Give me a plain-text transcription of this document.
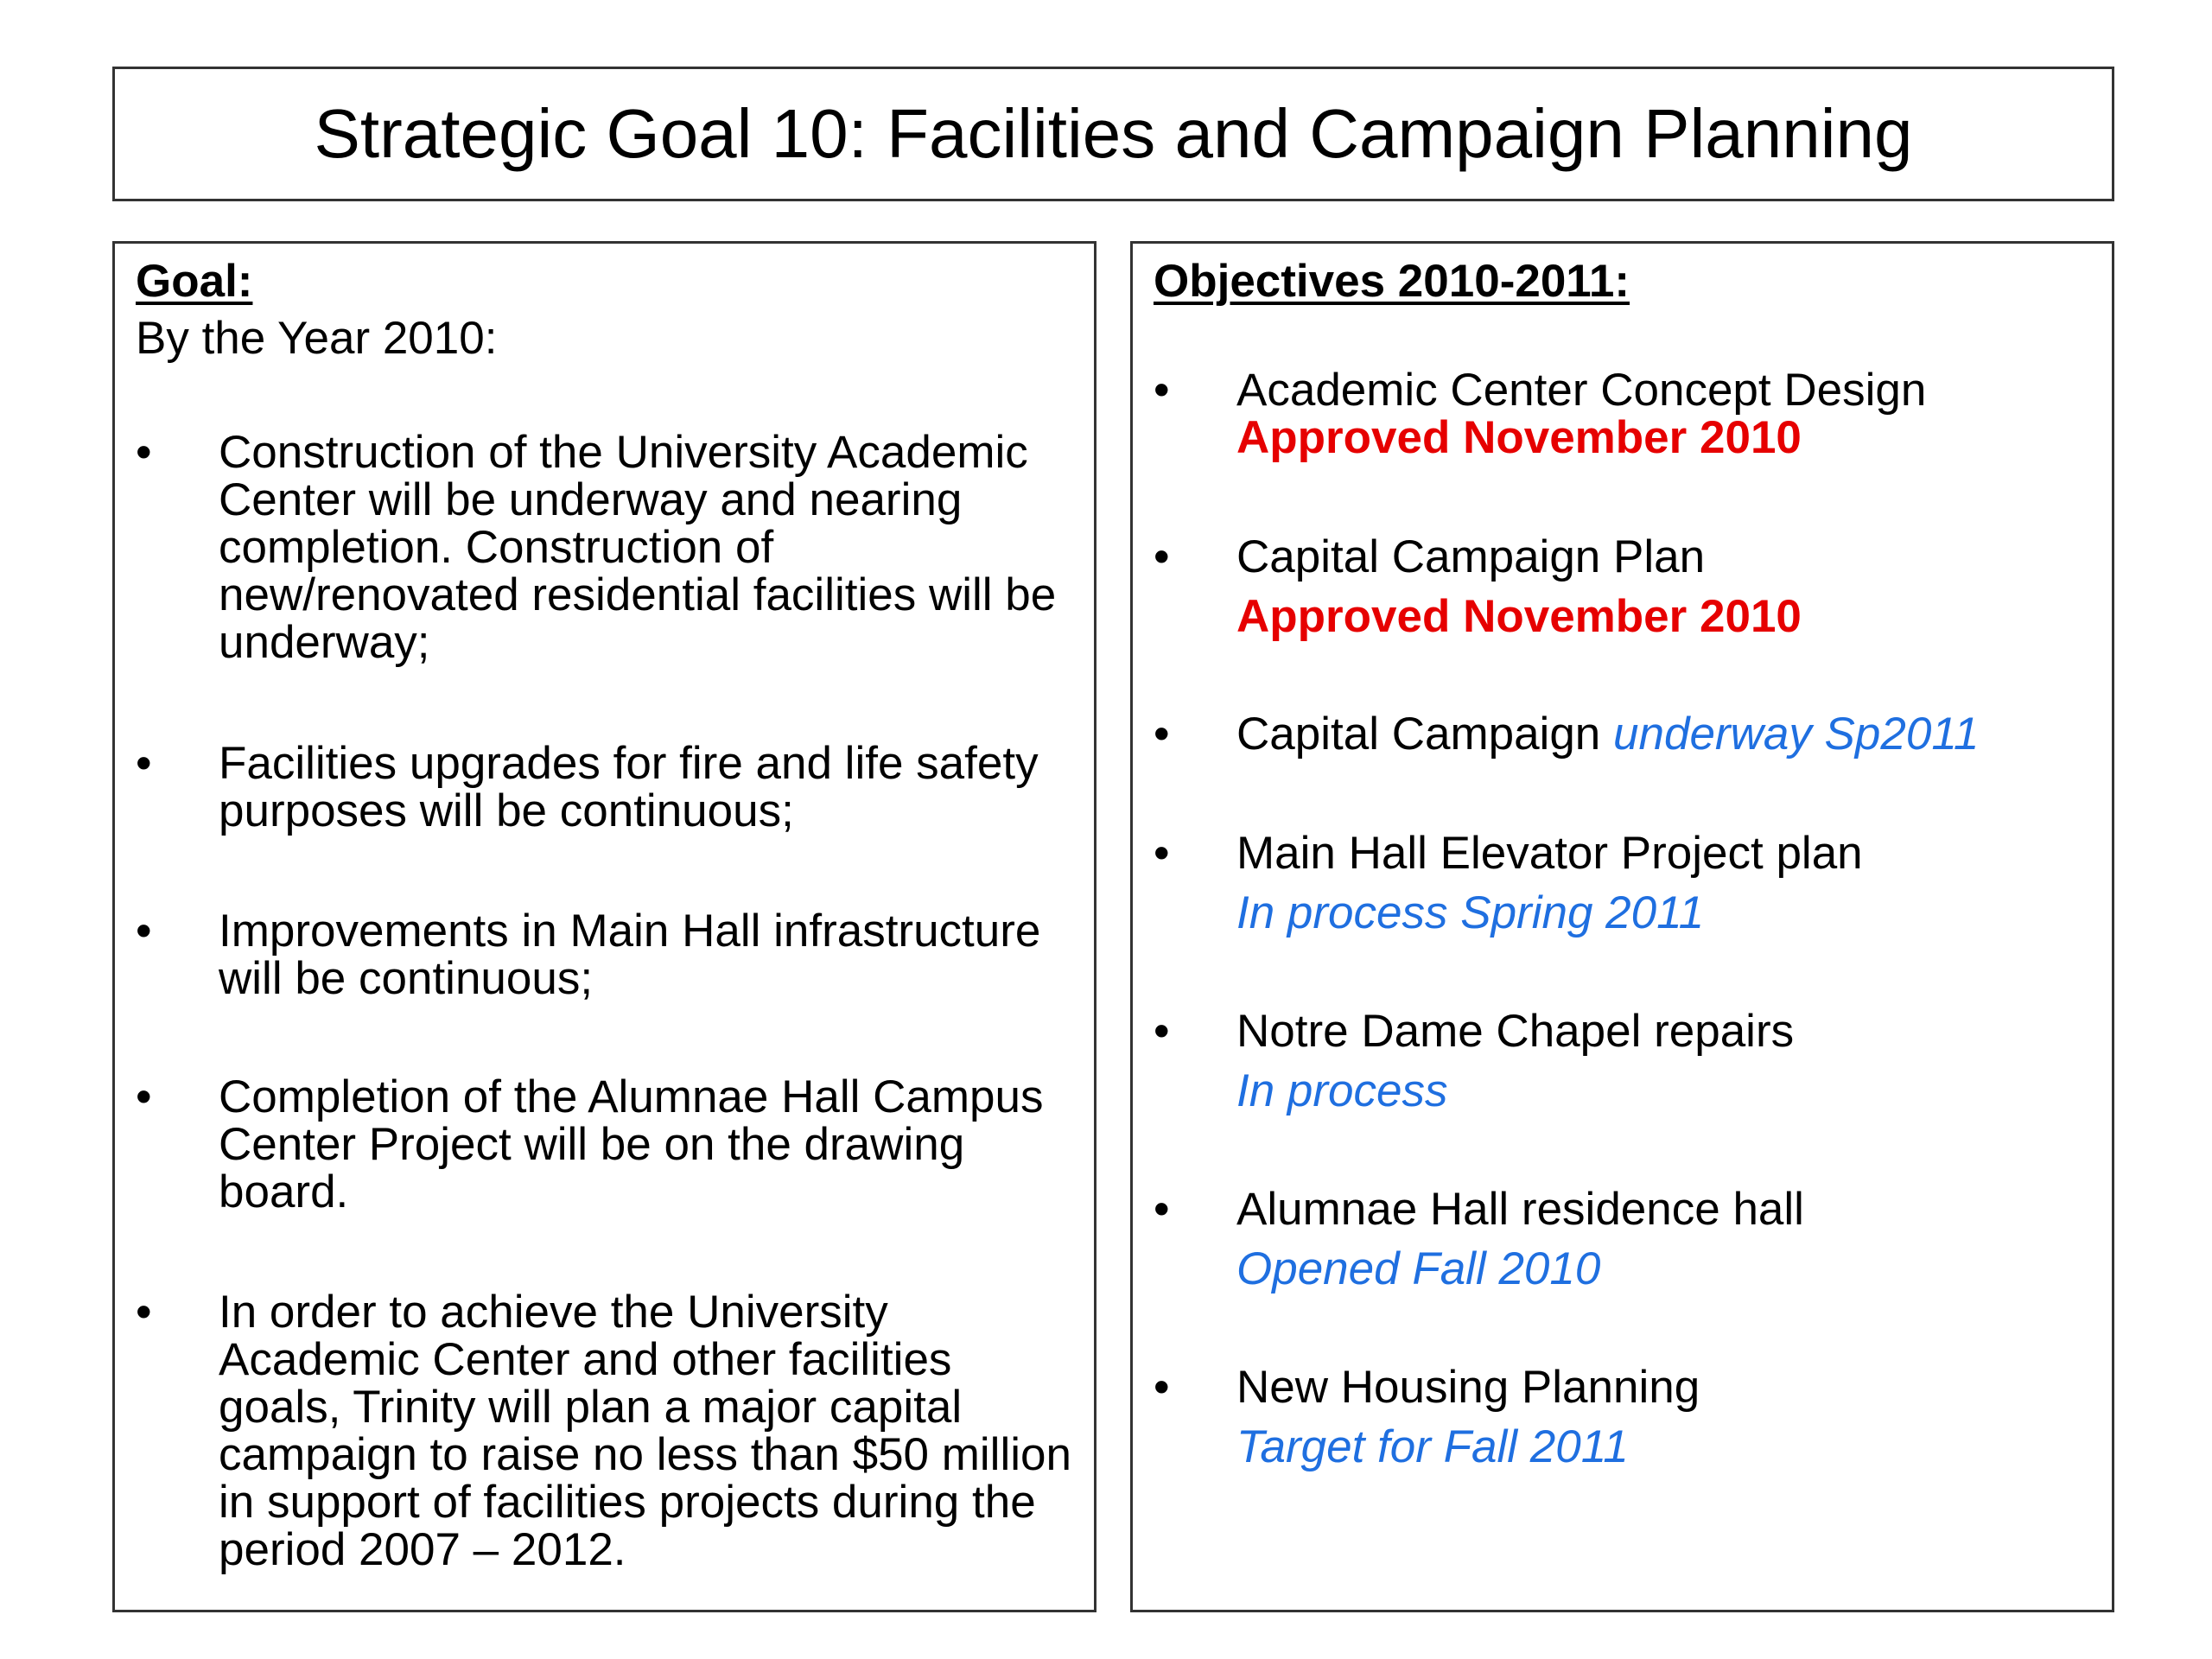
Strategic Goal 10: Facilities and Campaign Planning
Goal:
By the Year 2010:
• Construction of the University Academic Center will be underway and nearing completion. Construction of new/renovated residential facilities will be underway;
• Facilities upgrades for fire and life safety purposes will be continuous;
• Improvements in Main Hall infrastructure will be continuous;
• Completion of the Alumnae Hall Campus Center Project will be on the drawing board.
• In order to achieve the University Academic Center and other facilities goals, Trinity will plan a major capital campaign to raise no less than $50 million in support of facilities projects during the period 2007 – 2012.
Objectives 2010-2011:
• Academic Center Concept Design
Approved November 2010
• Capital Campaign Plan
Approved November 2010
• Capital Campaign underway Sp2011
• Main Hall Elevator Project plan
In process Spring 2011
• Notre Dame Chapel repairs
In process
• Alumnae Hall residence hall
Opened Fall 2010
• New Housing Planning
Target for Fall 2011
